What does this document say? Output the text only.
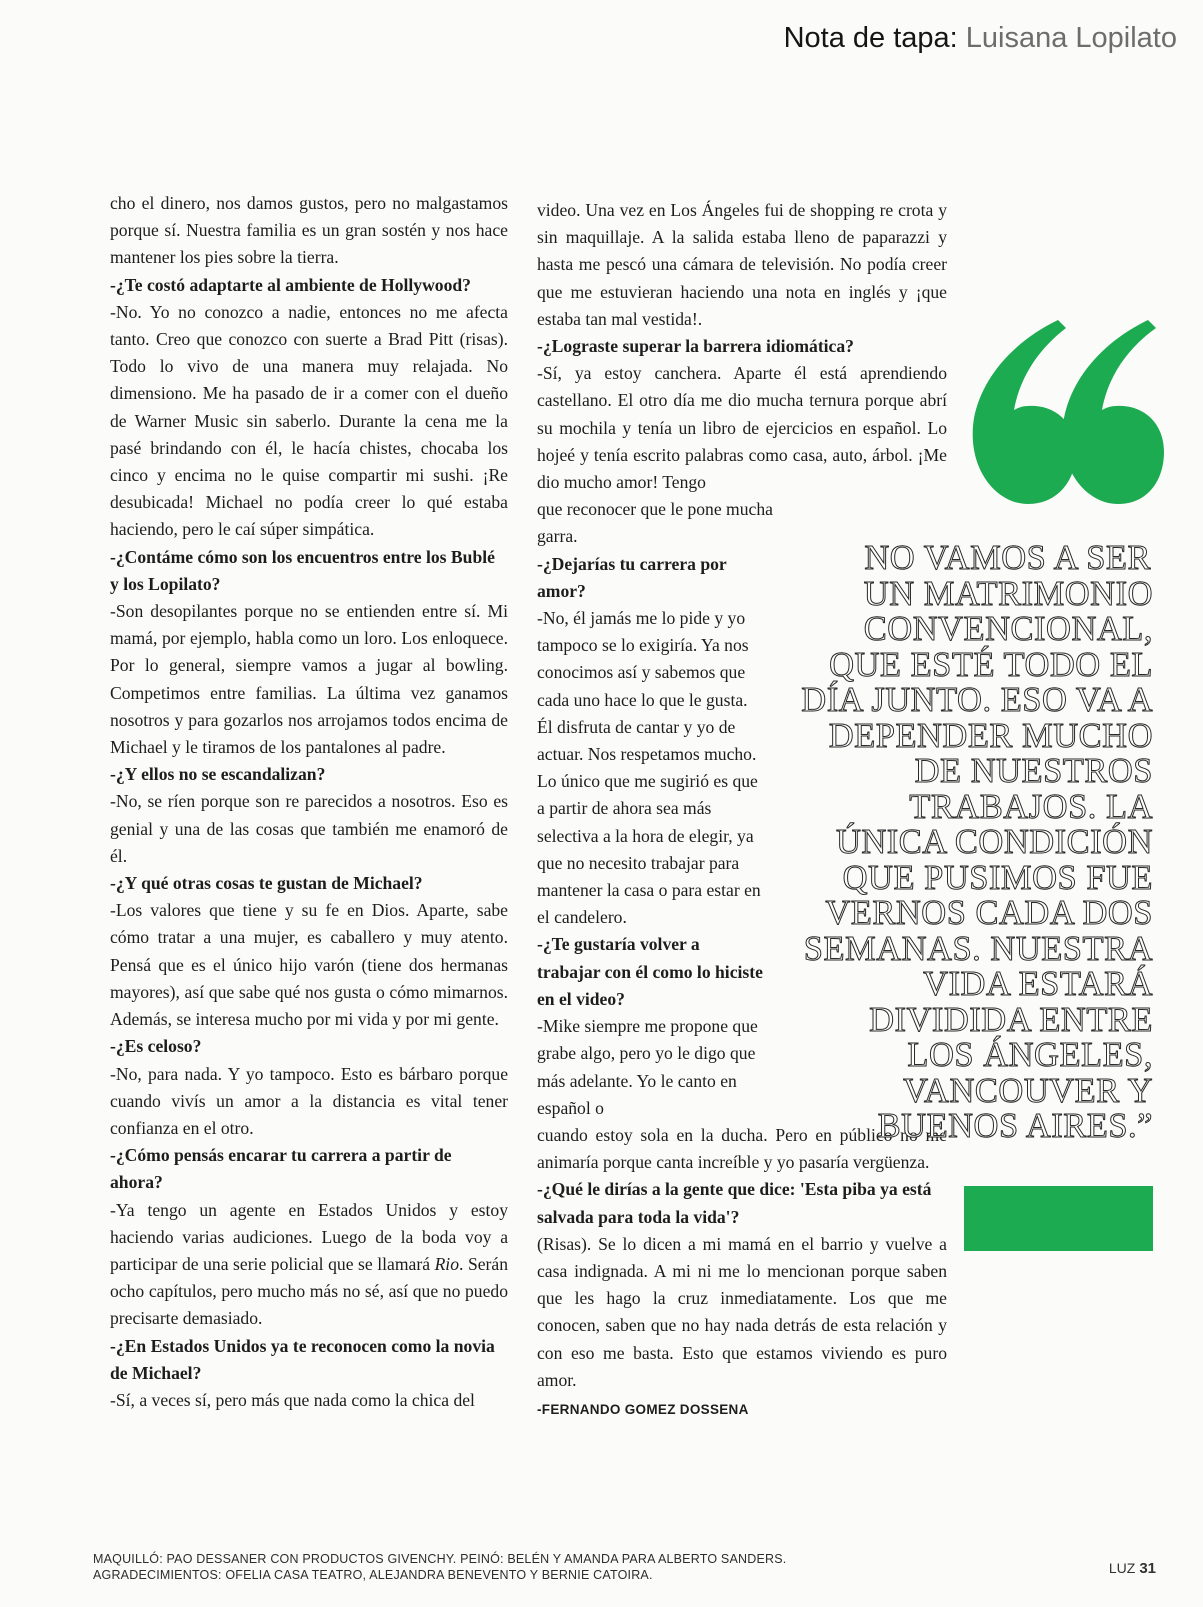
Nota de tapa: Luisana Lopilato

cho el dinero, nos damos gustos, pero no malgastamos porque sí. Nuestra familia es un gran sostén y nos hace mantener los pies sobre la tierra.

-¿Te costó adaptarte al ambiente de Hollywood?

-No. Yo no conozco a nadie, entonces no me afecta tanto. Creo que conozco con suerte a Brad Pitt (risas). Todo lo vivo de una manera muy relajada. No dimensiono. Me ha pasado de ir a comer con el dueño de Warner Music sin saberlo. Durante la cena me la pasé brindando con él, le hacía chistes, chocaba los cinco y encima no le quise compartir mi sushi. ¡Re desubicada! Michael no podía creer lo qué estaba haciendo, pero le caí súper simpática.

-¿Contáme cómo son los encuentros entre los Bublé y los Lopilato?

-Son desopilantes porque no se entienden entre sí. Mi mamá, por ejemplo, habla como un loro. Los enloquece. Por lo general, siempre vamos a jugar al bowling. Competimos entre familias. La última vez ganamos nosotros y para gozarlos nos arrojamos todos encima de Michael y le tiramos de los pantalones al padre.

-¿Y ellos no se escandalizan?

-No, se ríen porque son re parecidos a nosotros. Eso es genial y una de las cosas que también me enamoró de él.

-¿Y qué otras cosas te gustan de Michael?

-Los valores que tiene y su fe en Dios. Aparte, sabe cómo tratar a una mujer, es caballero y muy atento. Pensá que es el único hijo varón (tiene dos hermanas mayores), así que sabe qué nos gusta o cómo mimarnos. Además, se interesa mucho por mi vida y por mi gente.

-¿Es celoso?

-No, para nada. Y yo tampoco. Esto es bárbaro porque cuando vivís un amor a la distancia es vital tener confianza en el otro.

-¿Cómo pensás encarar tu carrera a partir de ahora?

-Ya tengo un agente en Estados Unidos y estoy haciendo varias audiciones. Luego de la boda voy a participar de una serie policial que se llamará Rio. Serán ocho capítulos, pero mucho más no sé, así que no puedo precisarte demasiado.

-¿En Estados Unidos ya te reconocen como la novia de Michael?

-Sí, a veces sí, pero más que nada como la chica del

video. Una vez en Los Ángeles fui de shopping re crota y sin maquillaje. A la salida estaba lleno de paparazzi y hasta me pescó una cámara de televisión. No podía creer que me estuvieran haciendo una nota en inglés y ¡que estaba tan mal vestida!.

-¿Lograste superar la barrera idiomática?

-Sí, ya estoy canchera. Aparte él está aprendiendo castellano. El otro día me dio mucha ternura porque abrí su mochila y tenía un libro de ejercicios en español. Lo hojeé y tenía escrito palabras como casa, auto, árbol. ¡Me dio mucho amor! Tengo

que reconocer que le pone mucha garra.

-¿Dejarías tu carrera por amor?

-No, él jamás me lo pide y yo tampoco se lo exigiría. Ya nos conocimos así y sabemos que cada uno hace lo que le gusta. Él disfruta de cantar y yo de actuar. Nos respetamos mucho. Lo único que me sugirió es que a partir de ahora sea más selectiva a la hora de elegir, ya que no necesito trabajar para mantener la casa o para estar en el candelero.

-¿Te gustaría volver a trabajar con él como lo hiciste en el video?

-Mike siempre me propone que grabe algo, pero yo le digo que más adelante. Yo le canto en español o

cuando estoy sola en la ducha. Pero en público no me animaría porque canta increíble y yo pasaría vergüenza.

-¿Qué le dirías a la gente que dice: 'Esta piba ya está salvada para toda la vida'?

(Risas). Se lo dicen a mi mamá en el barrio y vuelve a casa indignada. A mi ni me lo mencionan porque saben que les hago la cruz inmediatamente. Los que me conocen, saben que no hay nada detrás de esta relación y con eso me basta. Esto que estamos viviendo es puro amor.

-FERNANDO GOMEZ DOSSENA
NO VAMOS A SER
UN MATRIMONIO
CONVENCIONAL,
QUE ESTÉ TODO EL
DÍA JUNTO. ESO VA A
DEPENDER MUCHO
DE NUESTROS
TRABAJOS. LA
ÚNICA CONDICIÓN
QUE PUSIMOS FUE
VERNOS CADA DOS
SEMANAS. NUESTRA
VIDA ESTARÁ
DIVIDIDA ENTRE
LOS ÁNGELES,
VANCOUVER Y
BUENOS AIRES.”
MAQUILLÓ: PAO DESSANER CON PRODUCTOS GIVENCHY. PEINÓ: BELÉN Y AMANDA PARA ALBERTO SANDERS.
AGRADECIMIENTOS: OFELIA CASA TEATRO, ALEJANDRA BENEVENTO Y BERNIE CATOIRA.	LUZ 31
